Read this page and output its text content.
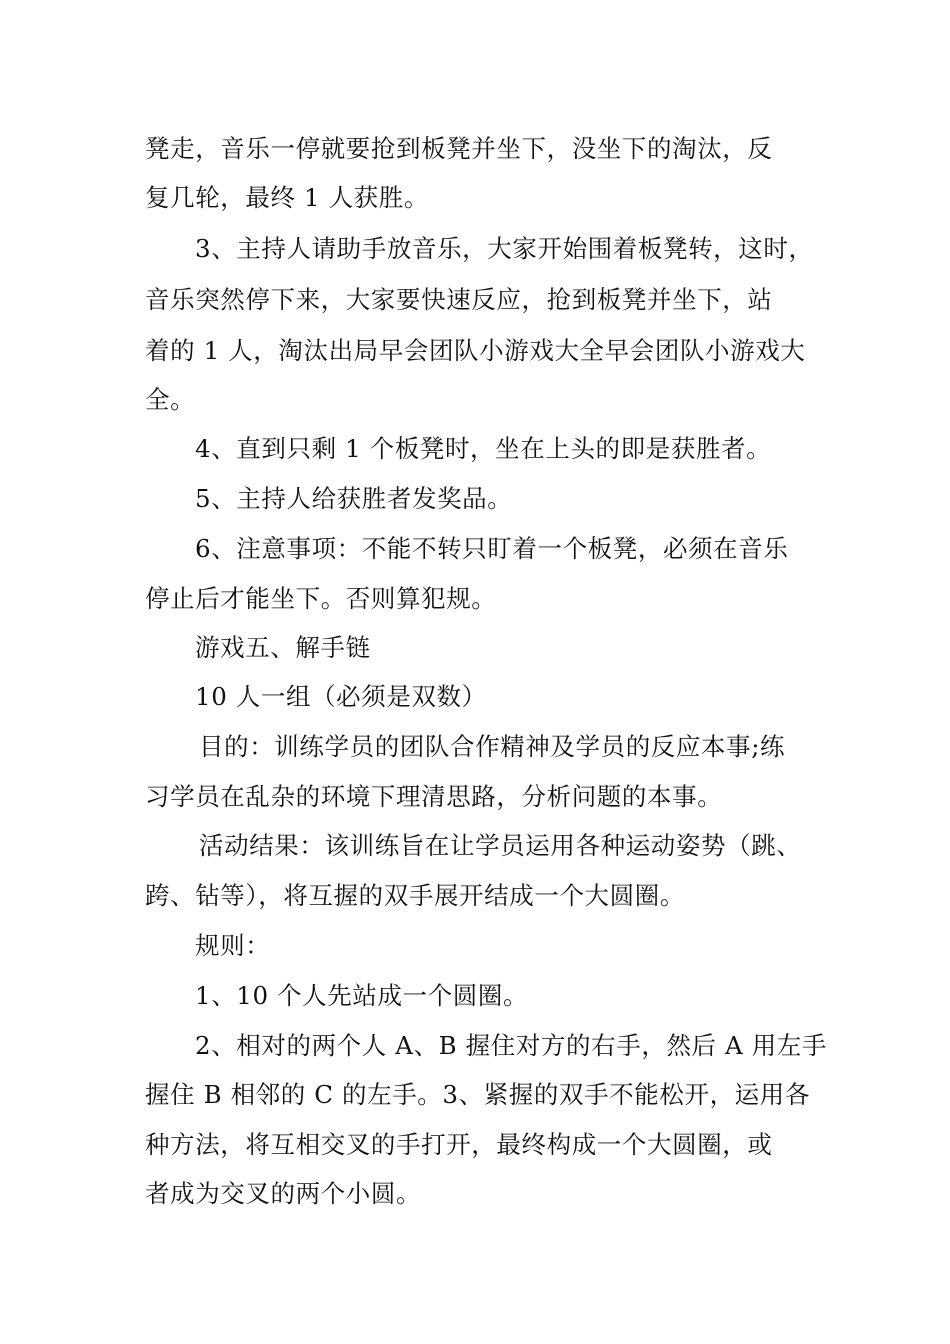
凳走，音乐一停就要抢到板凳并坐下，没坐下的淘汰，反
复几轮，最终 1 人获胜。
3、主持人请助手放音乐，大家开始围着板凳转，这时，
音乐突然停下来，大家要快速反应，抢到板凳并坐下，站
着的 1 人，淘汰出局早会团队小游戏大全早会团队小游戏大
全。
4、直到只剩 1 个板凳时，坐在上头的即是获胜者。
5、主持人给获胜者发奖品。
6、注意事项：不能不转只盯着一个板凳，必须在音乐
停止后才能坐下。否则算犯规。
游戏五、解手链
10 人一组（必须是双数）
目的：训练学员的团队合作精神及学员的反应本事;练
习学员在乱杂的环境下理清思路，分析问题的本事。
活动结果：该训练旨在让学员运用各种运动姿势（跳、
跨、钻等），将互握的双手展开结成一个大圆圈。
规则：
1、10 个人先站成一个圆圈。
2、相对的两个人 A、B 握住对方的右手，然后 A 用左手
握住 B 相邻的 C 的左手。3、紧握的双手不能松开，运用各
种方法，将互相交叉的手打开，最终构成一个大圆圈，或
者成为交叉的两个小圆。
